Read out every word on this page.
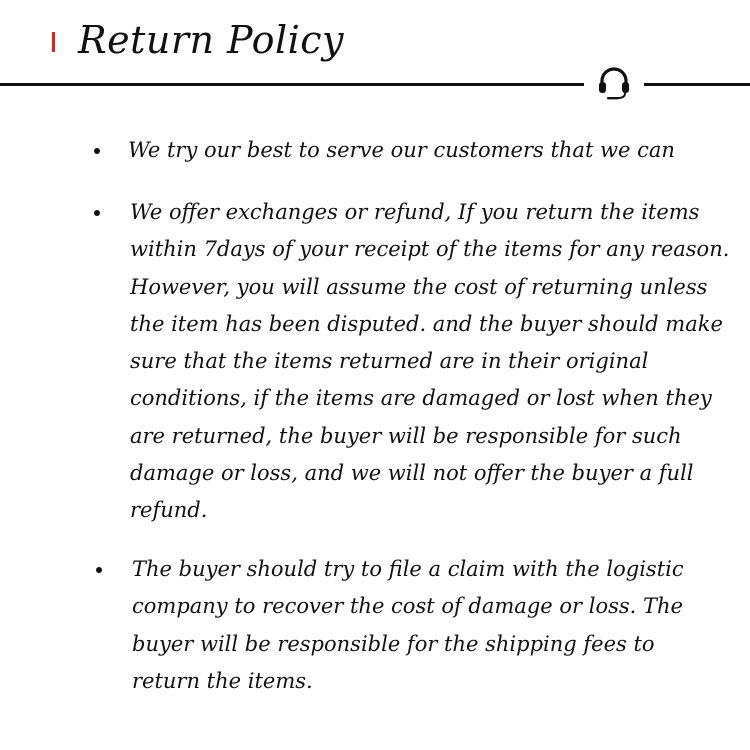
Return Policy

We try our best to serve our customers that we can

We offer exchanges or refund, If you return the items within 7days of your receipt of the items for any reason. However, you will assume the cost of returning unless the item has been disputed. and the buyer should make sure that the items returned are in their original conditions, if the items are damaged or lost when they are returned, the buyer will be responsible for such damage or loss, and we will not offer the buyer a full refund.

The buyer should try to file a claim with the logistic company to recover the cost of damage or loss. The buyer will be responsible for the shipping fees to return the items.
